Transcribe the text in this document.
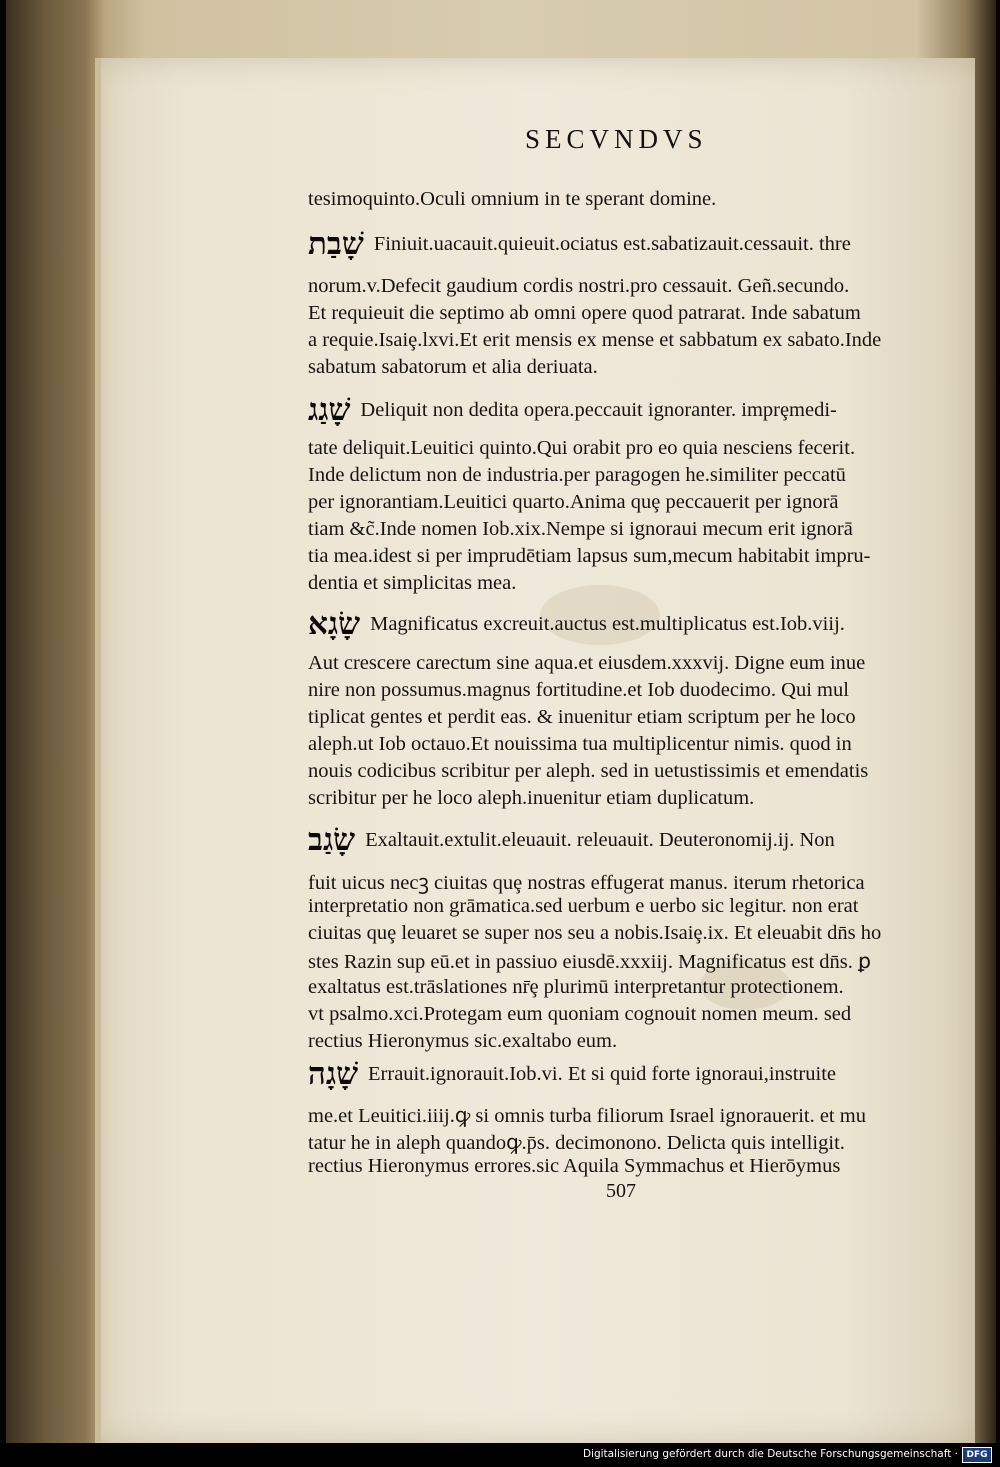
SECVNDVS
tesimoquinto.Oculi omnium in te sperant domine.
שָׁבַת Finiuit.uacauit.quieuit.ociatus est.sabatizauit.cessauit. thre
norum.v.Defecit gaudium cordis nostri.pro cessauit. Geñ.secundo.
Et requieuit die septimo ab omni opere quod patrarat. Inde sabatum
a requie.Isaiȩ.lxvi.Et erit mensis ex mense et sabbatum ex sabato.Inde
sabatum sabatorum et alia deriuata.
שָׁגַג Deliquit non dedita opera.peccauit ignoranter. imprȩmedi-
tate deliquit.Leuitici quinto.Qui orabit pro eo quia nesciens fecerit.
Inde delictum non de industria.per paragogen he.similiter peccatū
per ignorantiam.Leuitici quarto.Anima quȩ peccauerit per ignorā
tiam &c̃.Inde nomen Iob.xix.Nempe si ignoraui mecum erit ignorā
tia mea.idest si per imprudētiam lapsus sum,mecum habitabit impru-
dentia et simplicitas mea.
שָׂגָא Magnificatus excreuit.auctus est.multiplicatus est.Iob.viij.
Aut crescere carectum sine aqua.et eiusdem.xxxvij. Digne eum inue
nire non possumus.magnus fortitudine.et Iob duodecimo. Qui mul
tiplicat gentes et perdit eas. & inuenitur etiam scriptum per he loco
aleph.ut Iob octauo.Et nouissima tua multiplicentur nimis. quod in
nouis codicibus scribitur per aleph. sed in uetustissimis et emendatis
scribitur per he loco aleph.inuenitur etiam duplicatum.
שָׂגַב Exaltauit.extulit.eleuauit. releuauit. Deuteronomij.ij. Non
fuit uicus necꝫ ciuitas quȩ nostras effugerat manus. iterum rhetorica
interpretatio non grāmatica.sed uerbum e uerbo sic legitur. non erat
ciuitas quȩ leuaret se super nos seu a nobis.Isaiȩ.ix. Et eleuabit dn̄s ho
stes Razin sup eū.et in passiuo eiusdē.xxxiij. Magnificatus est dn̄s. ꝑ
exaltatus est.trāslationes nr̄ȩ plurimū interpretantur protectionem.
vt psalmo.xci.Protegam eum quoniam cognouit nomen meum. sed
rectius Hieronymus sic.exaltabo eum.
שָׁגָה Errauit.ignorauit.Iob.vi. Et si quid forte ignoraui,instruite
me.et Leuitici.iiij.ꝙ si omnis turba filiorum Israel ignorauerit. et mu
tatur he in aleph quandoꝙ.p̄s. decimonono. Delicta quis intelligit.
rectius Hieronymus errores.sic Aquila Symmachus et Hierōymus
507
Digitalisierung gefördert durch die Deutsche Forschungsgemeinschaft · DFG
